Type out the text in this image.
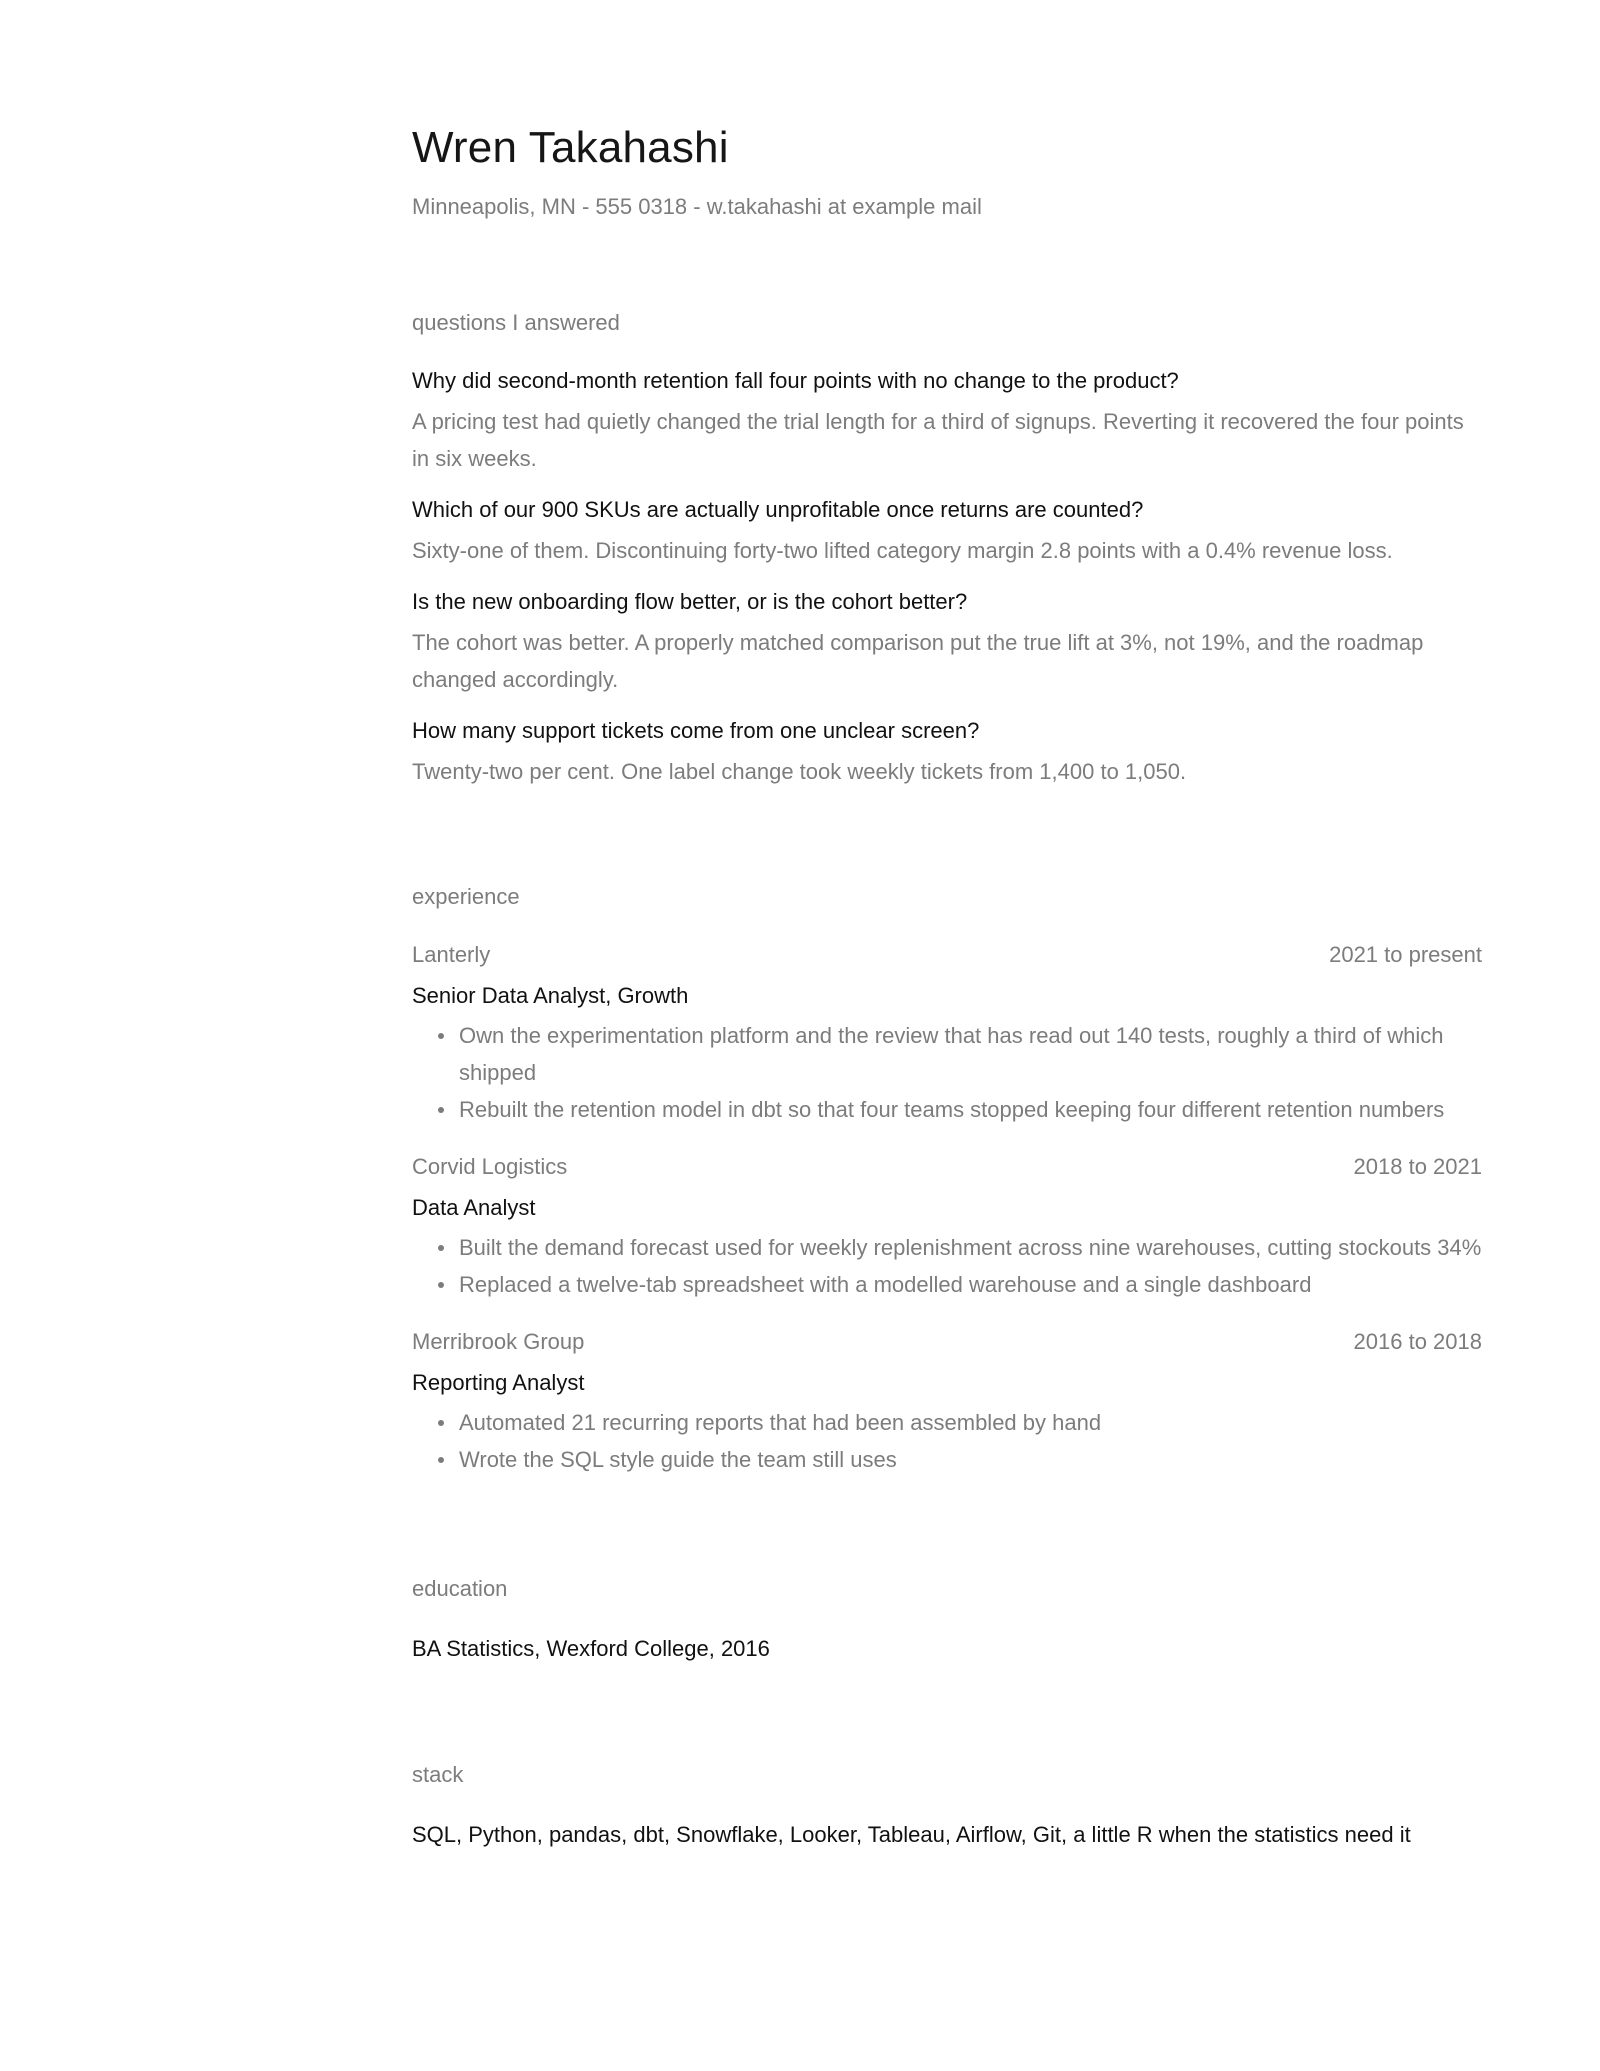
Wren Takahashi
Minneapolis, MN - 555 0318 - w.takahashi at example mail
questions I answered
Why did second-month retention fall four points with no change to the product?
A pricing test had quietly changed the trial length for a third of signups. Reverting it recovered the four points in six weeks.
Which of our 900 SKUs are actually unprofitable once returns are counted?
Sixty-one of them. Discontinuing forty-two lifted category margin 2.8 points with a 0.4% revenue loss.
Is the new onboarding flow better, or is the cohort better?
The cohort was better. A properly matched comparison put the true lift at 3%, not 19%, and the roadmap changed accordingly.
How many support tickets come from one unclear screen?
Twenty-two per cent. One label change took weekly tickets from 1,400 to 1,050.
experience
Lanterly	2021 to present
Senior Data Analyst, Growth
Own the experimentation platform and the review that has read out 140 tests, roughly a third of which shipped
Rebuilt the retention model in dbt so that four teams stopped keeping four different retention numbers
Corvid Logistics	2018 to 2021
Data Analyst
Built the demand forecast used for weekly replenishment across nine warehouses, cutting stockouts 34%
Replaced a twelve-tab spreadsheet with a modelled warehouse and a single dashboard
Merribrook Group	2016 to 2018
Reporting Analyst
Automated 21 recurring reports that had been assembled by hand
Wrote the SQL style guide the team still uses
education
BA Statistics, Wexford College, 2016
stack
SQL, Python, pandas, dbt, Snowflake, Looker, Tableau, Airflow, Git, a little R when the statistics need it
